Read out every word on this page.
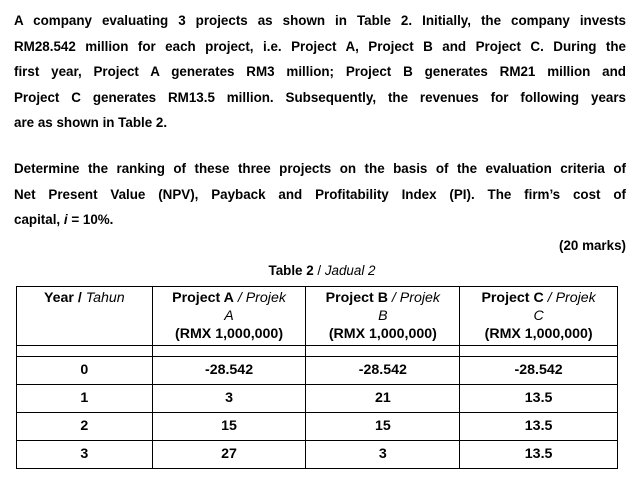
A company evaluating 3 projects as shown in Table 2. Initially, the company invests
RM28.542 million for each project, i.e. Project A, Project B and Project C. During the
first year, Project A generates RM3 million; Project B generates RM21 million and
Project C generates RM13.5 million. Subsequently, the revenues for following years
are as shown in Table 2.

Determine the ranking of these three projects on the basis of the evaluation criteria of
Net Present Value (NPV), Payback and Profitability Index (PI). The firm’s cost of
capital, i = 10%.

(20 marks)
Table 2 / Jadual 2
Year / Tahun	Project A / Projek
A
(RMX 1,000,000)	Project B / Projek
B
(RMX 1,000,000)	Project C / Projek
C
(RMX 1,000,000)

0	-28.542	-28.542	-28.542
1	3	21	13.5
2	15	15	13.5
3	27	3	13.5
